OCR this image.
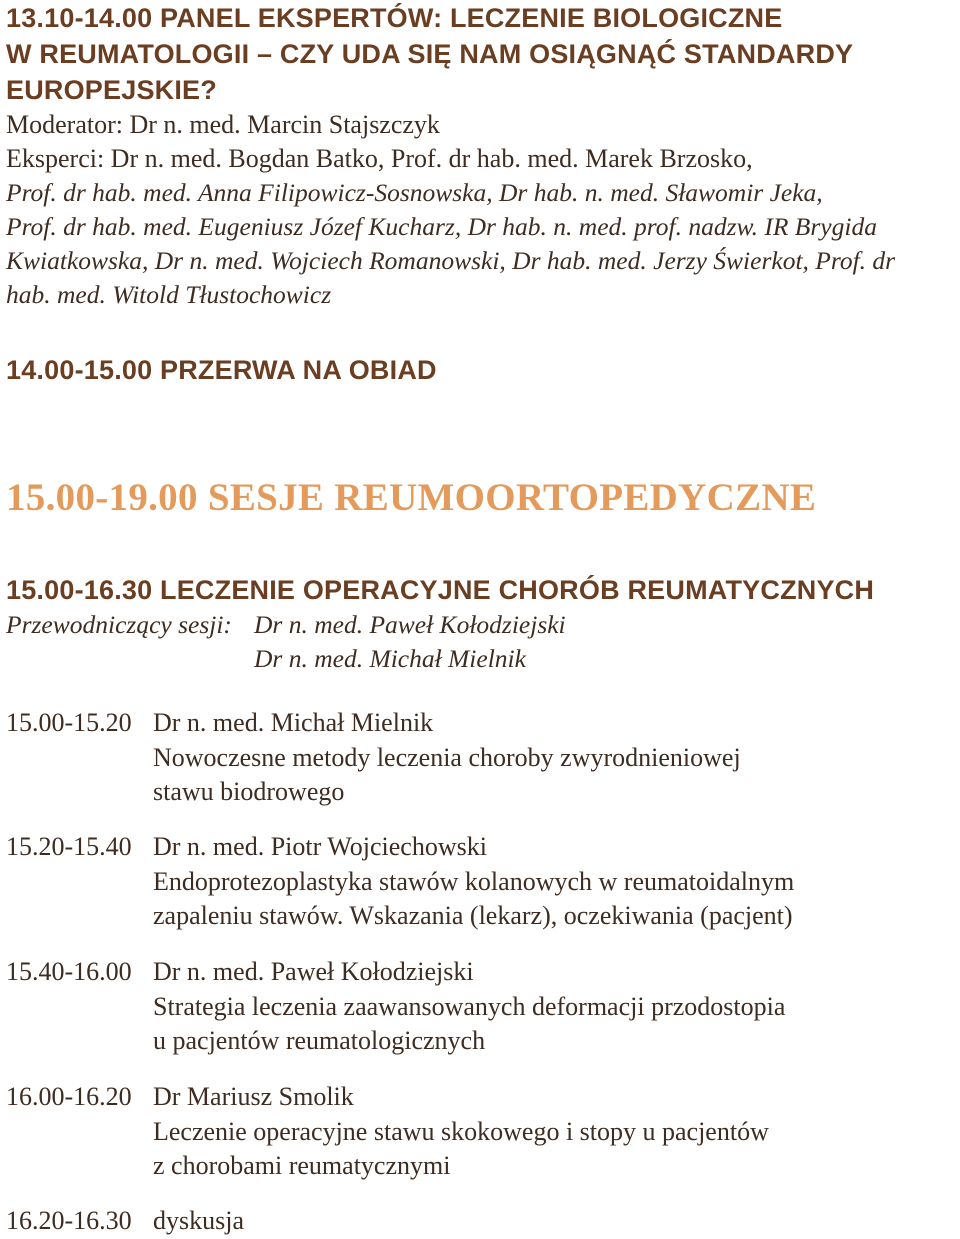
13.10-14.00 PANEL EKSPERTÓW: LECZENIE BIOLOGICZNE
W REUMATOLOGII – CZY UDA SIĘ NAM OSIĄGNĄĆ STANDARDY
EUROPEJSKIE?
Moderator: Dr n. med. Marcin Stajszczyk
Eksperci: Dr n. med. Bogdan Batko, Prof. dr hab. med. Marek Brzosko,
Prof. dr hab. med. Anna Filipowicz-Sosnowska, Dr hab. n. med. Sławomir Jeka,
Prof. dr hab. med. Eugeniusz Józef Kucharz, Dr hab. n. med. prof. nadzw. IR Brygida
Kwiatkowska, Dr n. med. Wojciech Romanowski, Dr hab. med. Jerzy Świerkot, Prof. dr
hab. med. Witold Tłustochowicz
14.00-15.00 PRZERWA NA OBIAD
15.00-19.00 SESJE REUMOORTOPEDYCZNE
15.00-16.30 LECZENIE OPERACYJNE CHORÓB REUMATYCZNYCH
Przewodniczący sesji: Dr n. med. Paweł Kołodziejski
Dr n. med. Michał Mielnik
15.00-15.20 Dr n. med. Michał Mielnik
Nowoczesne metody leczenia choroby zwyrodnieniowej
stawu biodrowego
15.20-15.40 Dr n. med. Piotr Wojciechowski
Endoprotezoplastyka stawów kolanowych w reumatoidalnym
zapaleniu stawów. Wskazania (lekarz), oczekiwania (pacjent)
15.40-16.00 Dr n. med. Paweł Kołodziejski
Strategia leczenia zaawansowanych deformacji przodostopia
u pacjentów reumatologicznych
16.00-16.20 Dr Mariusz Smolik
Leczenie operacyjne stawu skokowego i stopy u pacjentów
z chorobami reumatycznymi
16.20-16.30 dyskusja
